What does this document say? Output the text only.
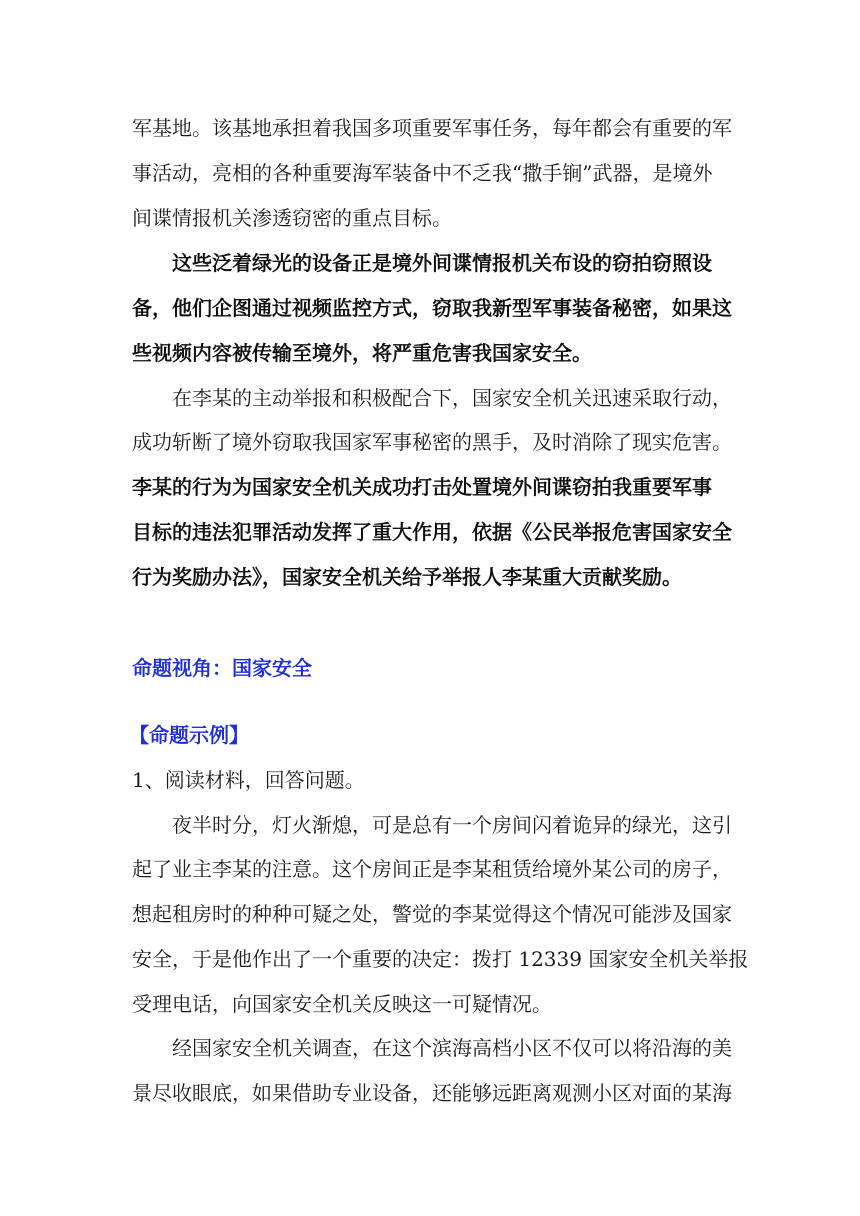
军基地。该基地承担着我国多项重要军事任务，每年都会有重要的军
事活动，亮相的各种重要海军装备中不乏我“撒手锏”武器，是境外
间谍情报机关渗透窃密的重点目标。
这些泛着绿光的设备正是境外间谍情报机关布设的窃拍窃照设
备，他们企图通过视频监控方式，窃取我新型军事装备秘密，如果这
些视频内容被传输至境外，将严重危害我国家安全。
在李某的主动举报和积极配合下，国家安全机关迅速采取行动，
成功斩断了境外窃取我国家军事秘密的黑手，及时消除了现实危害。
李某的行为为国家安全机关成功打击处置境外间谍窃拍我重要军事
目标的违法犯罪活动发挥了重大作用，依据《公民举报危害国家安全
行为奖励办法》，国家安全机关给予举报人李某重大贡献奖励。
命题视角：国家安全
【命题示例】
1、阅读材料，回答问题。
夜半时分，灯火渐熄，可是总有一个房间闪着诡异的绿光，这引
起了业主李某的注意。这个房间正是李某租赁给境外某公司的房子，
想起租房时的种种可疑之处，警觉的李某觉得这个情况可能涉及国家
安全，于是他作出了一个重要的决定：拨打 12339 国家安全机关举报
受理电话，向国家安全机关反映这一可疑情况。
经国家安全机关调查，在这个滨海高档小区不仅可以将沿海的美
景尽收眼底，如果借助专业设备，还能够远距离观测小区对面的某海
